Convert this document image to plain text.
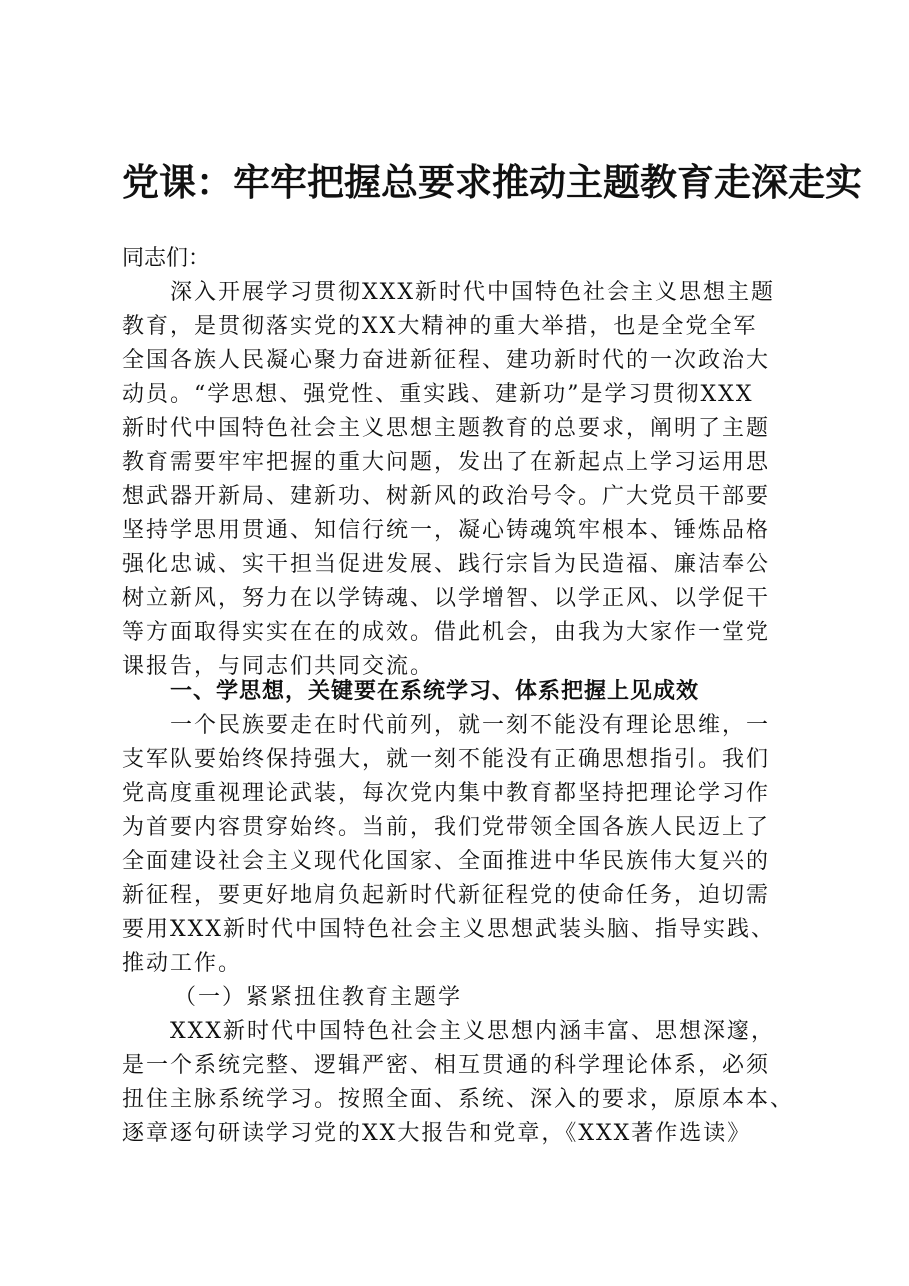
党课：牢牢把握总要求推动主题教育走深走实
同志们：
深入开展学习贯彻XXX新时代中国特色社会主义思想主题
教育，是贯彻落实党的XX大精神的重大举措，也是全党全军
全国各族人民凝心聚力奋进新征程、建功新时代的一次政治大
动员。“学思想、强党性、重实践、建新功”是学习贯彻XXX
新时代中国特色社会主义思想主题教育的总要求，阐明了主题
教育需要牢牢把握的重大问题，发出了在新起点上学习运用思
想武器开新局、建新功、树新风的政治号令。广大党员干部要
坚持学思用贯通、知信行统一，凝心铸魂筑牢根本、锤炼品格
强化忠诚、实干担当促进发展、践行宗旨为民造福、廉洁奉公
树立新风，努力在以学铸魂、以学增智、以学正风、以学促干
等方面取得实实在在的成效。借此机会，由我为大家作一堂党
课报告，与同志们共同交流。
一、学思想，关键要在系统学习、体系把握上见成效
一个民族要走在时代前列，就一刻不能没有理论思维，一
支军队要始终保持强大，就一刻不能没有正确思想指引。我们
党高度重视理论武装，每次党内集中教育都坚持把理论学习作
为首要内容贯穿始终。当前，我们党带领全国各族人民迈上了
全面建设社会主义现代化国家、全面推进中华民族伟大复兴的
新征程，要更好地肩负起新时代新征程党的使命任务，迫切需
要用XXX新时代中国特色社会主义思想武装头脑、指导实践、
推动工作。
（一）紧紧扭住教育主题学
XXX新时代中国特色社会主义思想内涵丰富、思想深邃，
是一个系统完整、逻辑严密、相互贯通的科学理论体系，必须
扭住主脉系统学习。按照全面、系统、深入的要求，原原本本、
逐章逐句研读学习党的XX大报告和党章，《XXX著作选读》
